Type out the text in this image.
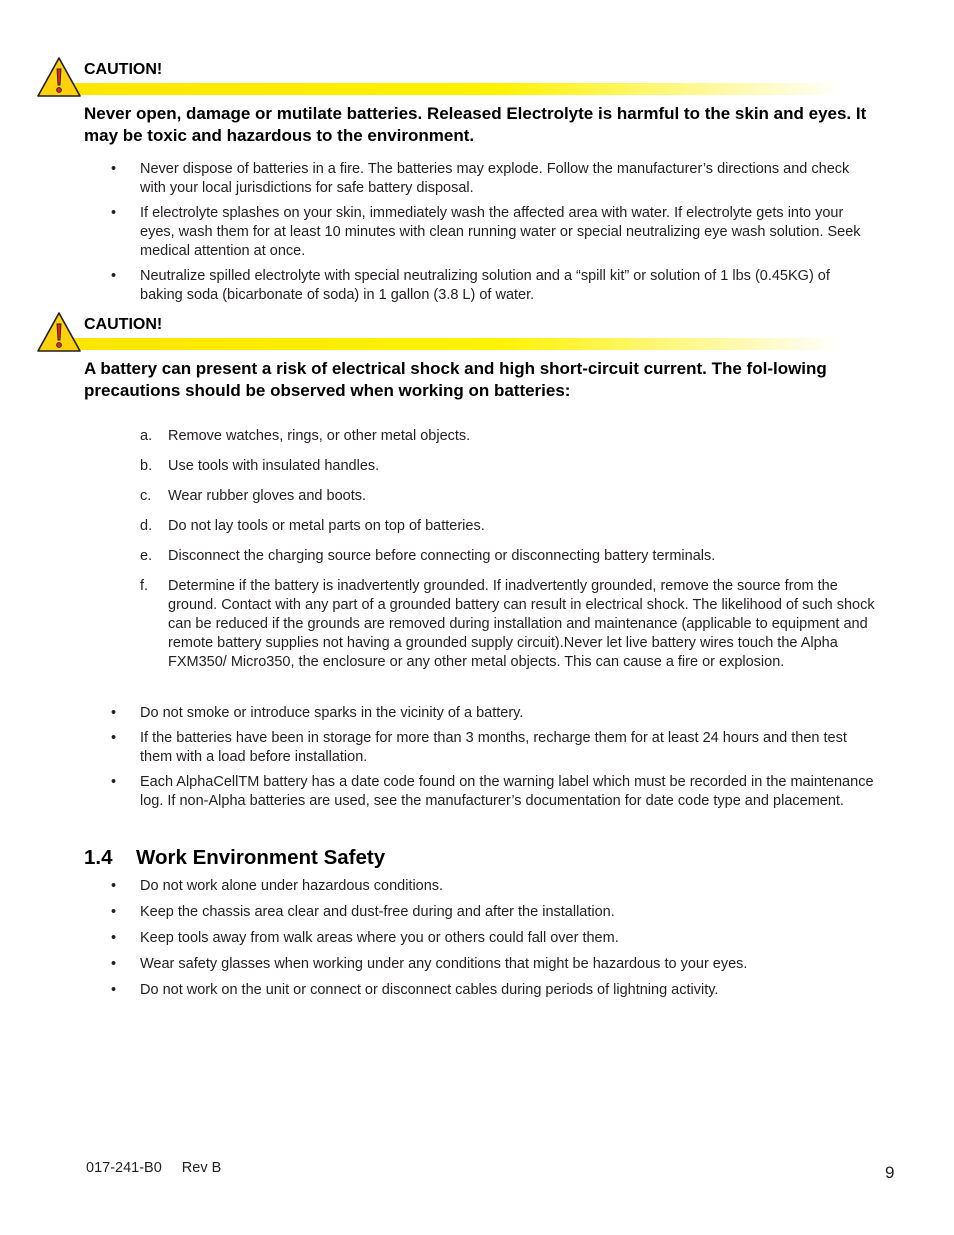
CAUTION!
Never open, damage or mutilate batteries. Released Electrolyte is harmful to the skin and eyes. It may be toxic and hazardous to the environment.
• Never dispose of batteries in a fire. The batteries may explode. Follow the manufacturer’s directions and check with your local jurisdictions for safe battery disposal.
• If electrolyte splashes on your skin, immediately wash the affected area with water. If electrolyte gets into your eyes, wash them for at least 10 minutes with clean running water or special neutralizing eye wash solution. Seek medical attention at once.
• Neutralize spilled electrolyte with special neutralizing solution and a “spill kit” or solution of 1 lbs (0.45KG) of baking soda (bicarbonate of soda) in 1 gallon (3.8 L) of water.
CAUTION!
A battery can present a risk of electrical shock and high short-circuit current. The fol-lowing precautions should be observed when working on batteries:
a. Remove watches, rings, or other metal objects.
b. Use tools with insulated handles.
c. Wear rubber gloves and boots.
d. Do not lay tools or metal parts on top of batteries.
e. Disconnect the charging source before connecting or disconnecting battery terminals.
f. Determine if the battery is inadvertently grounded. If inadvertently grounded, remove the source from the ground. Contact with any part of a grounded battery can result in electrical shock. The likelihood of such shock can be reduced if the grounds are removed during installation and maintenance (applicable to equipment and remote battery supplies not having a grounded supply circuit).Never let live battery wires touch the Alpha FXM350/ Micro350, the enclosure or any other metal objects. This can cause a fire or explosion.
• Do not smoke or introduce sparks in the vicinity of a battery.
• If the batteries have been in storage for more than 3 months, recharge them for at least 24 hours and then test them with a load before installation.
• Each AlphaCellTM battery has a date code found on the warning label which must be recorded in the maintenance log. If non-Alpha batteries are used, see the manufacturer’s documentation for date code type and placement.
1.4 Work Environment Safety
• Do not work alone under hazardous conditions.
• Keep the chassis area clear and dust-free during and after the installation.
• Keep tools away from walk areas where you or others could fall over them.
• Wear safety glasses when working under any conditions that might be hazardous to your eyes.
• Do not work on the unit or connect or disconnect cables during periods of lightning activity.
017-241-B0 Rev B	9
